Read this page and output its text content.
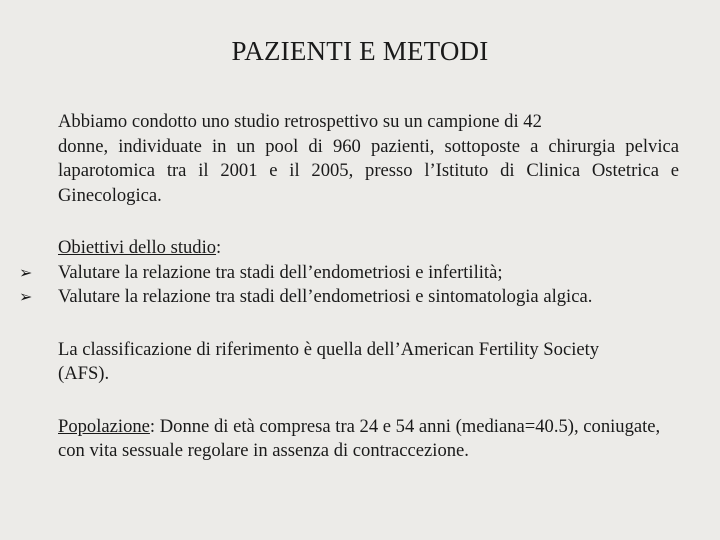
PAZIENTI E METODI

Abbiamo condotto uno studio retrospettivo su un campione di 42
donne, individuate in un pool di 960 pazienti, sottoposte a chirurgia pelvica laparotomica tra il 2001 e il 2005, presso l’Istituto di Clinica Ostetrica e Ginecologica.

Obiettivi dello studio:
➢ Valutare la relazione tra stadi dell’endometriosi e infertilità;
➢ Valutare la relazione tra stadi dell’endometriosi e sintomatologia algica.

La classificazione di riferimento è quella dell’American Fertility Society (AFS).

Popolazione: Donne di età compresa tra 24 e 54 anni (mediana=40.5), coniugate, con vita sessuale regolare in assenza di contraccezione.
